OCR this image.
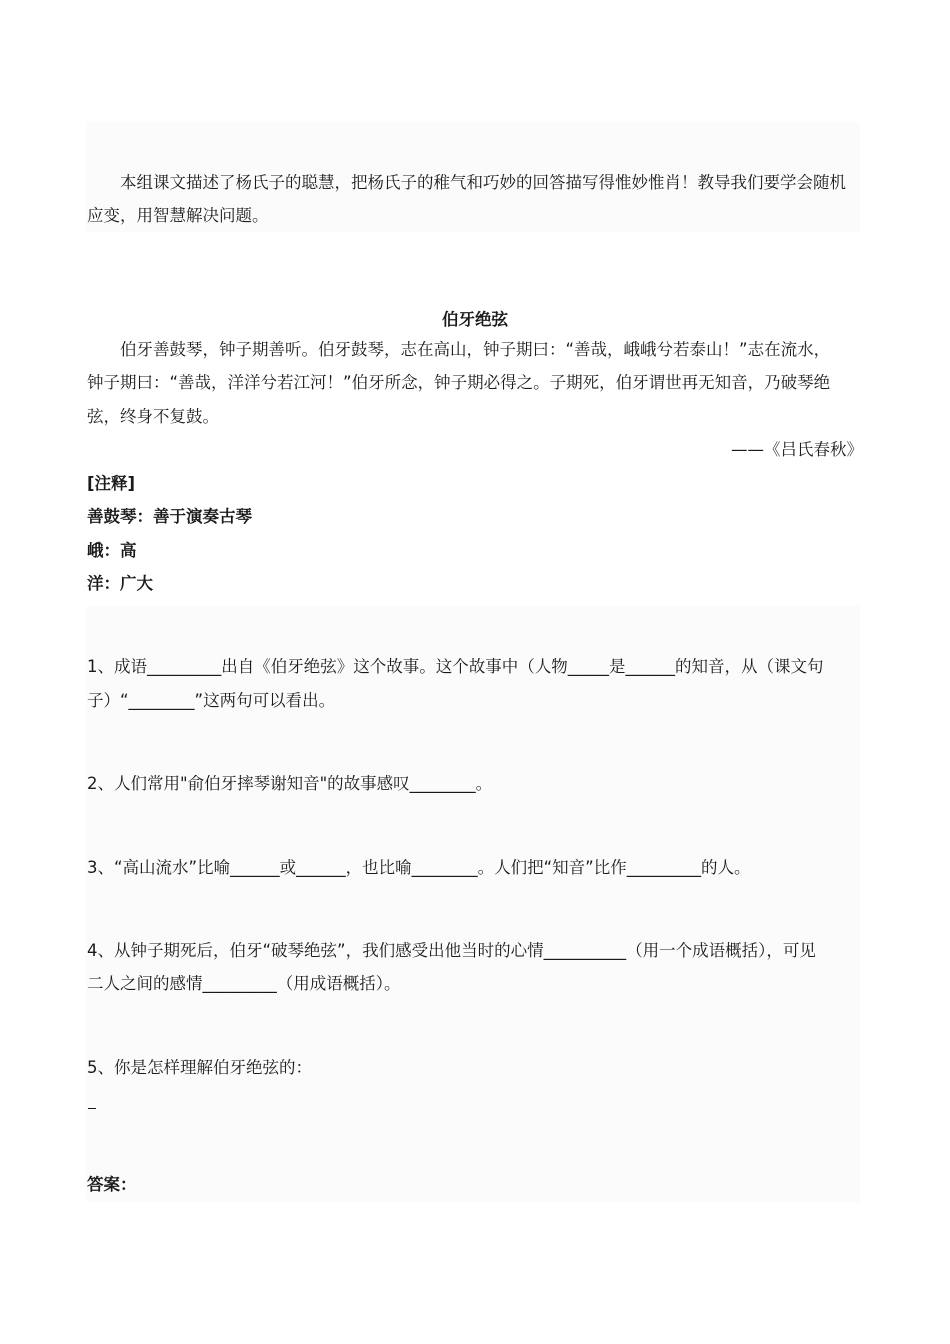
本组课文描述了杨氏子的聪慧，把杨氏子的稚气和巧妙的回答描写得惟妙惟肖！教导我们要学会随机
应变，用智慧解决问题。
伯牙绝弦
伯牙善鼓琴，钟子期善听。伯牙鼓琴，志在高山，钟子期曰：“善哉，峨峨兮若泰山！”志在流水，
钟子期曰：“善哉，洋洋兮若江河！”伯牙所念，钟子期必得之。子期死，伯牙谓世再无知音，乃破琴绝
弦，终身不复鼓。
——《吕氏春秋》
[注释]
善鼓琴：善于演奏古琴
峨：高
洋：广大
1、成语_________出自《伯牙绝弦》这个故事。这个故事中（人物_____是______的知音，从（课文句
子）“________”这两句可以看出。
2、人们常用"俞伯牙摔琴谢知音"的故事感叹________。
3、“高山流水”比喻______或______，也比喻________。人们把“知音”比作_________的人。
4、从钟子期死后，伯牙“破琴绝弦”，我们感受出他当时的心情__________（用一个成语概括），可见
二人之间的感情_________（用成语概括）。
5、你是怎样理解伯牙绝弦的：
答案：
